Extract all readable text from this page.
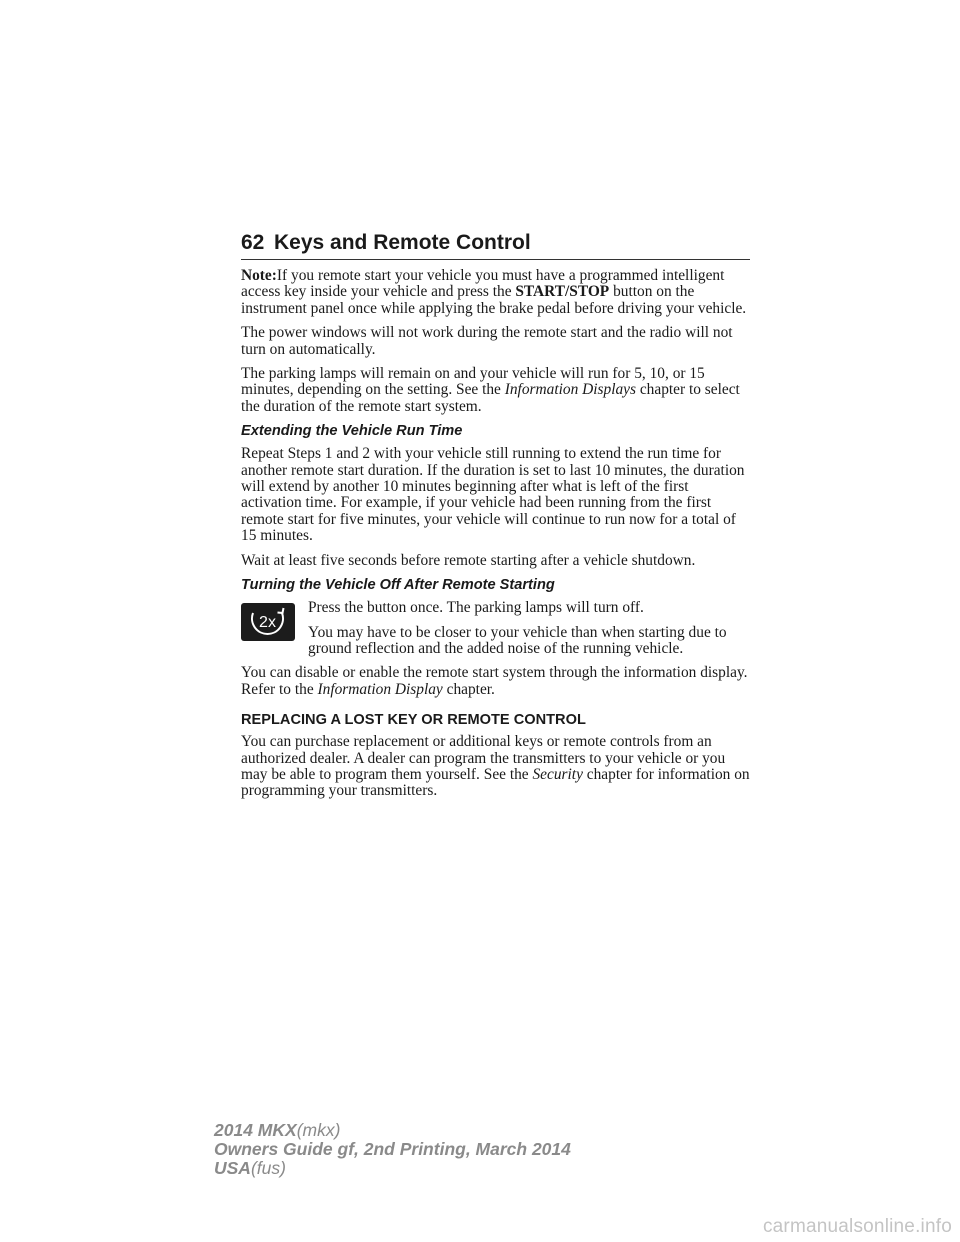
62 Keys and Remote Control

Note:If you remote start your vehicle you must have a programmed intelligent access key inside your vehicle and press the START/STOP button on the instrument panel once while applying the brake pedal before driving your vehicle.

The power windows will not work during the remote start and the radio will not turn on automatically.

The parking lamps will remain on and your vehicle will run for 5, 10, or 15 minutes, depending on the setting. See the Information Displays chapter to select the duration of the remote start system.

Extending the Vehicle Run Time

Repeat Steps 1 and 2 with your vehicle still running to extend the run time for another remote start duration. If the duration is set to last 10 minutes, the duration will extend by another 10 minutes beginning after what is left of the first activation time. For example, if your vehicle had been running from the first remote start for five minutes, your vehicle will continue to run now for a total of 15 minutes.

Wait at least five seconds before remote starting after a vehicle shutdown.

Turning the Vehicle Off After Remote Starting
2x

Press the button once. The parking lamps will turn off.

You may have to be closer to your vehicle than when starting due to ground reflection and the added noise of the running vehicle.

You can disable or enable the remote start system through the information display. Refer to the Information Display chapter.

REPLACING A LOST KEY OR REMOTE CONTROL

You can purchase replacement or additional keys or remote controls from an authorized dealer. A dealer can program the transmitters to your vehicle or you may be able to program them yourself. See the Security chapter for information on programming your transmitters.

2014 MKX(mkx)
Owners Guide gf, 2nd Printing, March 2014
USA(fus)
carmanualsonline.info
